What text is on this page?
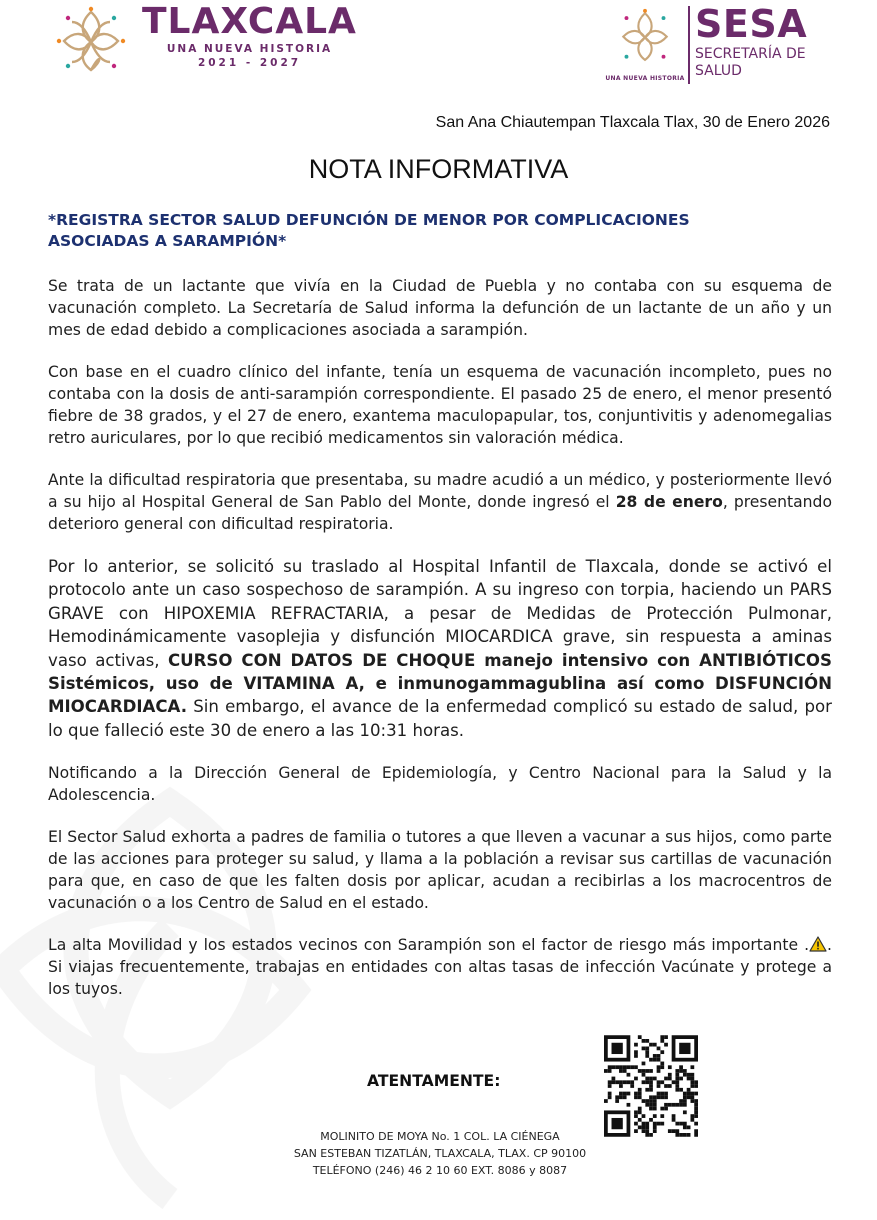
TLAXCALA
UNA NUEVA HISTORIA
2021 - 2027
UNA NUEVA HISTORIA
SESA
SECRETARÍA DE
SALUD
San Ana Chiautempan Tlaxcala Tlax, 30 de Enero 2026
NOTA INFORMATIVA
*REGISTRA SECTOR SALUD DEFUNCIÓN DE MENOR POR COMPLICACIONES ASOCIADAS A SARAMPIÓN*

Se trata de un lactante que vivía en la Ciudad de Puebla y no contaba con su esquema de vacunación completo. La Secretaría de Salud informa la defunción de un lactante de un año y un mes de edad debido a complicaciones asociada a sarampión.

Con base en el cuadro clínico del infante, tenía un esquema de vacunación incompleto, pues no contaba con la dosis de anti-sarampión correspondiente. El pasado 25 de enero, el menor presentó fiebre de 38 grados, y el 27 de enero, exantema maculopapular, tos, conjuntivitis y adenomegalias retro auriculares, por lo que recibió medicamentos sin valoración médica.

Ante la dificultad respiratoria que presentaba, su madre acudió a un médico, y posteriormente llevó a su hijo al Hospital General de San Pablo del Monte, donde ingresó el 28 de enero, presentando deterioro general con dificultad respiratoria.

Por lo anterior, se solicitó su traslado al Hospital Infantil de Tlaxcala, donde se activó el protocolo ante un caso sospechoso de sarampión. A su ingreso con torpia, haciendo un PARS GRAVE con HIPOXEMIA REFRACTARIA, a pesar de Medidas de Protección Pulmonar, Hemodinámicamente vasoplejia y disfunción MIOCARDICA grave, sin respuesta a aminas vaso activas, CURSO CON DATOS DE CHOQUE manejo intensivo con ANTIBIÓTICOS Sistémicos, uso de VITAMINA A, e inmunogammagublina así como DISFUNCIÓN MIOCARDIACA. Sin embargo, el avance de la enfermedad complicó su estado de salud, por lo que falleció este 30 de enero a las 10:31 horas.

Notificando a la Dirección General de Epidemiología, y Centro Nacional para la Salud y la Adolescencia.

El Sector Salud exhorta a padres de familia o tutores a que lleven a vacunar a sus hijos, como parte de las acciones para proteger su salud, y llama a la población a revisar sus cartillas de vacunación para que, en caso de que les falten dosis por aplicar, acudan a recibirlas a los macrocentros de vacunación o a los Centro de Salud en el estado.

La alta Movilidad y los estados vecinos con Sarampión son el factor de riesgo más importante . . Si viajas frecuentemente, trabajas en entidades con altas tasas de infección Vacúnate y protege a los tuyos.

ATENTAMENTE:
MOLINITO DE MOYA No. 1 COL. LA CIÉNEGA
SAN ESTEBAN TIZATLÁN, TLAXCALA, TLAX. CP 90100
TELÉFONO (246) 46 2 10 60 EXT. 8086 y 8087
